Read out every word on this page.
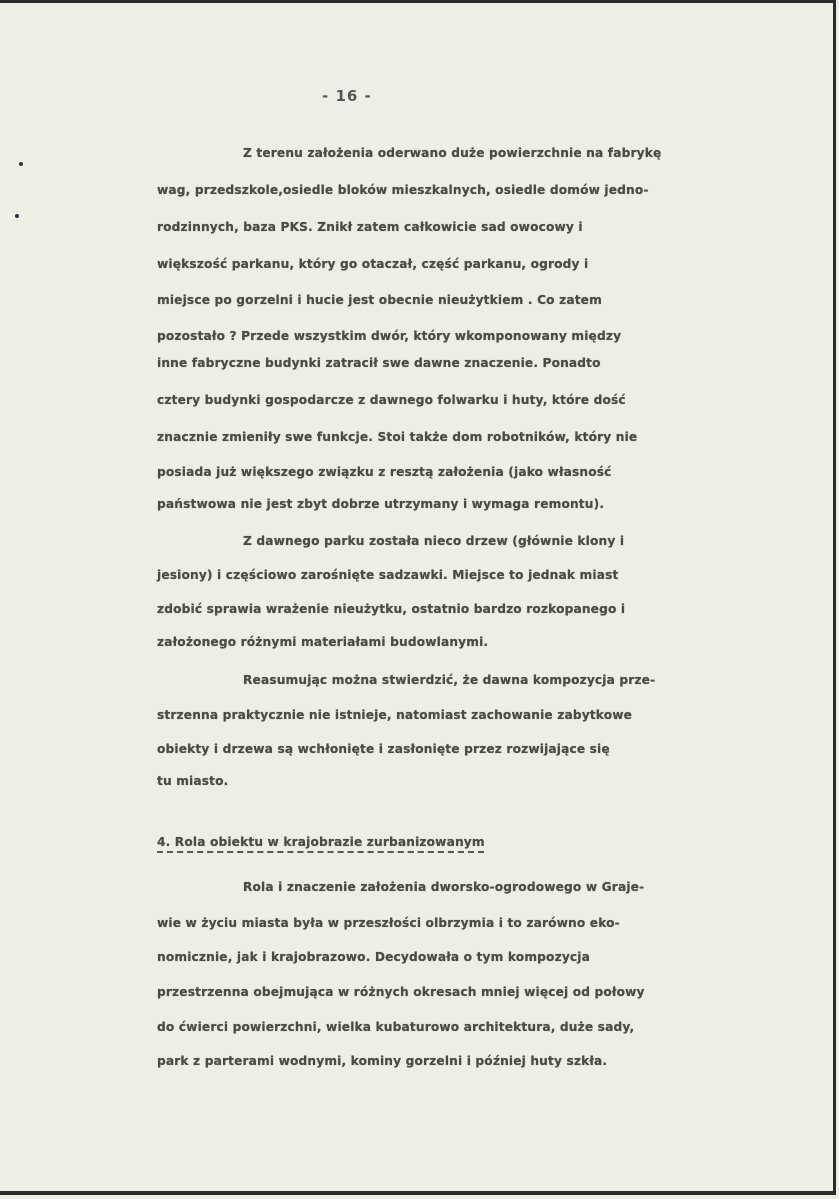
- 16 -
Z terenu założenia oderwano duże powierzchnie na fabrykę
wag, przedszkole,osiedle bloków mieszkalnych, osiedle domów jedno-
rodzinnych, baza PKS. Znikł zatem całkowicie sad owocowy i
większość parkanu, który go otaczał, część parkanu, ogrody i
miejsce po gorzelni i hucie jest obecnie nieużytkiem . Co zatem
pozostało ? Przede wszystkim dwór, który wkomponowany między
inne fabryczne budynki zatracił swe dawne znaczenie. Ponadto
cztery budynki gospodarcze z dawnego folwarku i huty, które dość
znacznie zmieniły swe funkcje. Stoi także dom robotników, który nie
posiada już większego związku z resztą założenia (jako własność
państwowa nie jest zbyt dobrze utrzymany i wymaga remontu).
Z dawnego parku została nieco drzew (głównie klony i
jesiony) i częściowo zarośnięte sadzawki. Miejsce to jednak miast
zdobić sprawia wrażenie nieużytku, ostatnio bardzo rozkopanego i
założonego różnymi materiałami budowlanymi.
Reasumując można stwierdzić, że dawna kompozycja prze-
strzenna praktycznie nie istnieje, natomiast zachowanie zabytkowe
obiekty i drzewa są wchłonięte i zasłonięte przez rozwijające się
tu miasto.
4. Rola obiektu w krajobrazie zurbanizowanym
Rola i znaczenie założenia dworsko-ogrodowego w Graje-
wie w życiu miasta była w przeszłości olbrzymia i to zarówno eko-
nomicznie, jak i krajobrazowo. Decydowała o tym kompozycja
przestrzenna obejmująca w różnych okresach mniej więcej od połowy
do ćwierci powierzchni, wielka kubaturowo architektura, duże sady,
park z parterami wodnymi, kominy gorzelni i później huty szkła.
